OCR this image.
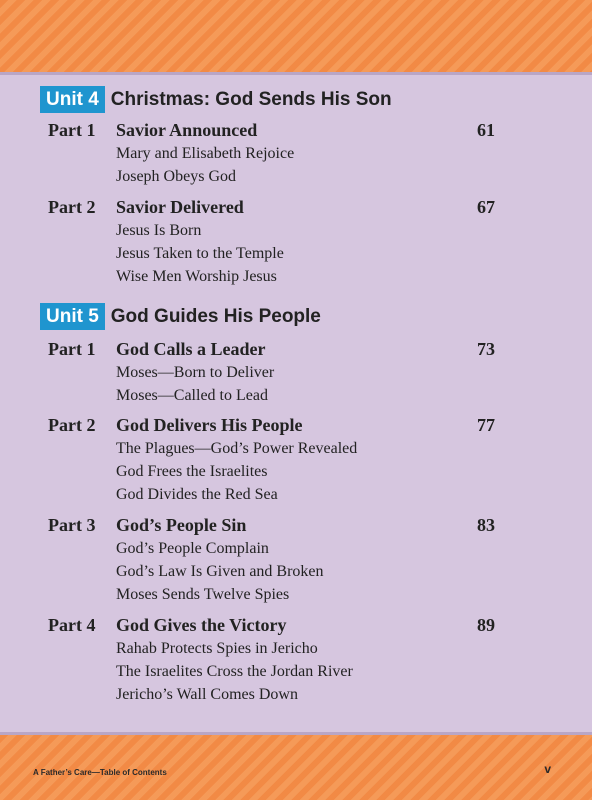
Unit 4 Christmas: God Sends His Son
Part 1 Savior Announced	61
Mary and Elisabeth Rejoice
Joseph Obeys God
Part 2 Savior Delivered	67
Jesus Is Born
Jesus Taken to the Temple
Wise Men Worship Jesus
Unit 5 God Guides His People
Part 1 God Calls a Leader	73
Moses—Born to Deliver
Moses—Called to Lead
Part 2 God Delivers His People	77
The Plagues—God’s Power Revealed
God Frees the Israelites
God Divides the Red Sea
Part 3 God’s People Sin	83
God’s People Complain
God’s Law Is Given and Broken
Moses Sends Twelve Spies
Part 4 God Gives the Victory	89
Rahab Protects Spies in Jericho
The Israelites Cross the Jordan River
Jericho’s Wall Comes Down
A Father’s Care—Table of Contents	v
